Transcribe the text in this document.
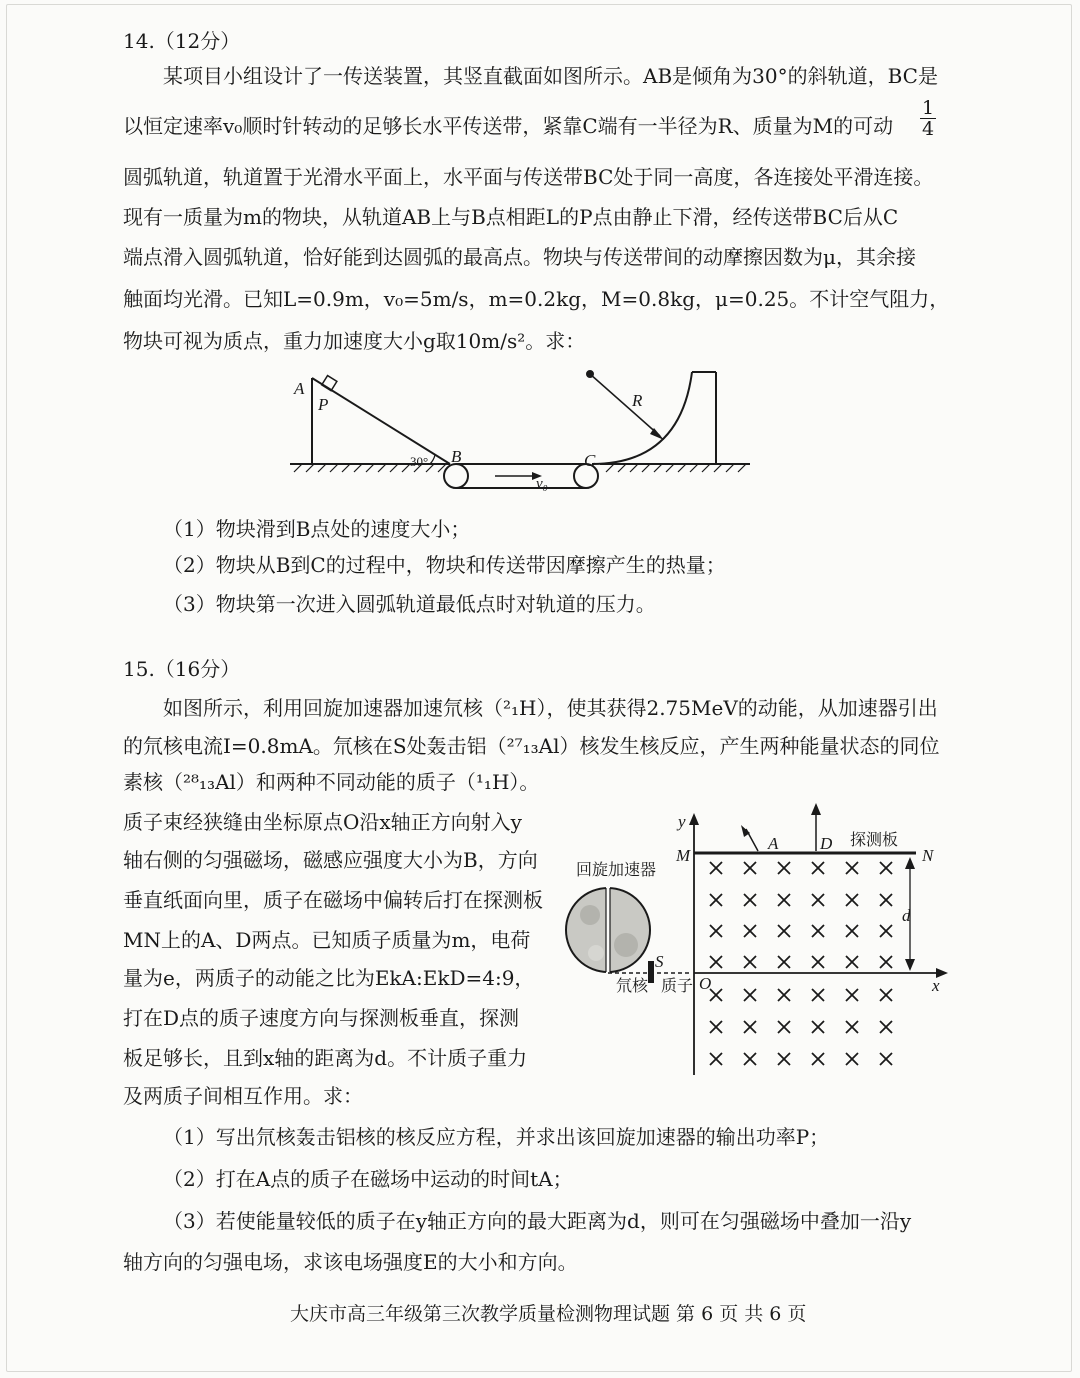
14.（12分）
某项目小组设计了一传送装置，其竖直截面如图所示。AB是倾角为30°的斜轨道，BC是
以恒定速率v₀顺时针转动的足够长水平传送带，紧靠C端有一半径为R、质量为M的可动 $\frac{1}{4}$
圆弧轨道，轨道置于光滑水平面上，水平面与传送带BC处于同一高度，各连接处平滑连接。
现有一质量为m的物块，从轨道AB上与B点相距L的P点由静止下滑，经传送带BC后从C
端点滑入圆弧轨道，恰好能到达圆弧的最高点。物块与传送带间的动摩擦因数为μ，其余接
触面均光滑。已知L=0.9m，v₀=5m/s，m=0.2kg，M=0.8kg，μ=0.25。不计空气阻力，
物块可视为质点，重力加速度大小g取10m/s²。求：
A
P
B	C
R
v₀
30°
（1）物块滑到B点处的速度大小；
（2）物块从B到C的过程中，物块和传送带因摩擦产生的热量；
（3）物块第一次进入圆弧轨道最低点时对轨道的压力。
15.（16分）
如图所示，利用回旋加速器加速氘核（²₁H），使其获得2.75MeV的动能，从加速器引出
的氘核电流I=0.8mA。氘核在S处轰击铝（²⁷₁₃Al）核发生核反应，产生两种能量状态的同位
素核（²⁸₁₃Al）和两种不同动能的质子（¹₁H）。
质子束经狭缝由坐标原点O沿x轴正方向射入y
轴右侧的匀强磁场，磁感应强度大小为B，方向
垂直纸面向里，质子在磁场中偏转后打在探测板
MN上的A、D两点。已知质子质量为m，电荷
量为e，两质子的动能之比为EkA:EkD=4:9，
打在D点的质子速度方向与探测板垂直，探测
板足够长，且到x轴的距离为d。不计质子重力
及两质子间相互作用。求：
回旋加速器
氘核 质子
探测板
S
O	x
y
M	N
A D
d
（1）写出氘核轰击铝核的核反应方程，并求出该回旋加速器的输出功率P；
（2）打在A点的质子在磁场中运动的时间tA；
（3）若使能量较低的质子在y轴正方向的最大距离为d，则可在匀强磁场中叠加一沿y
轴方向的匀强电场，求该电场强度E的大小和方向。
大庆市高三年级第三次教学质量检测物理试题 第 6 页 共 6 页
